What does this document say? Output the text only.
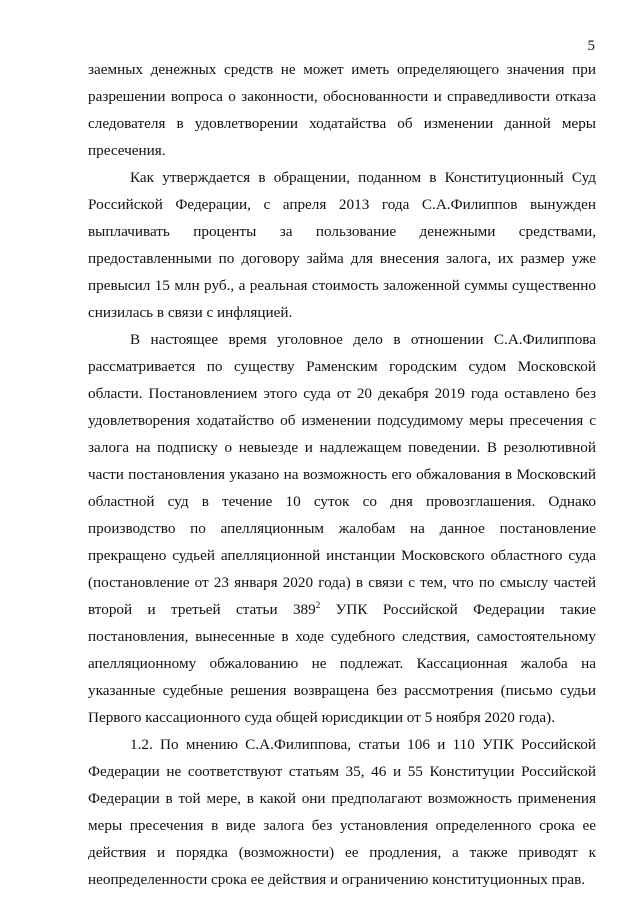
5

заемных денежных средств не может иметь определяющего значения при разрешении вопроса о законности, обоснованности и справедливости отказа следователя в удовлетворении ходатайства об изменении данной меры пресечения.

Как утверждается в обращении, поданном в Конституционный Суд Российской Федерации, с апреля 2013 года С.А.Филиппов вынужден выплачивать проценты за пользование денежными средствами, предоставленными по договору займа для внесения залога, их размер уже превысил 15 млн руб., а реальная стоимость заложенной суммы существенно снизилась в связи с инфляцией.

В настоящее время уголовное дело в отношении С.А.Филиппова рассматривается по существу Раменским городским судом Московской области. Постановлением этого суда от 20 декабря 2019 года оставлено без удовлетворения ходатайство об изменении подсудимому меры пресечения с залога на подписку о невыезде и надлежащем поведении. В резолютивной части постановления указано на возможность его обжалования в Московский областной суд в течение 10 суток со дня провозглашения. Однако производство по апелляционным жалобам на данное постановление прекращено судьей апелляционной инстанции Московского областного суда (постановление от 23 января 2020 года) в связи с тем, что по смыслу частей второй и третьей статьи $389^2$ УПК Российской Федерации такие постановления, вынесенные в ходе судебного следствия, самостоятельному апелляционному обжалованию не подлежат. Кассационная жалоба на указанные судебные решения возвращена без рассмотрения (письмо судьи Первого кассационного суда общей юрисдикции от 5 ноября 2020 года).

1.2. По мнению С.А.Филиппова, статьи 106 и 110 УПК Российской Федерации не соответствуют статьям 35, 46 и 55 Конституции Российской Федерации в той мере, в какой они предполагают возможность применения меры пресечения в виде залога без установления определенного срока ее действия и порядка (возможности) ее продления, а также приводят к неопределенности срока ее действия и ограничению конституционных прав.
